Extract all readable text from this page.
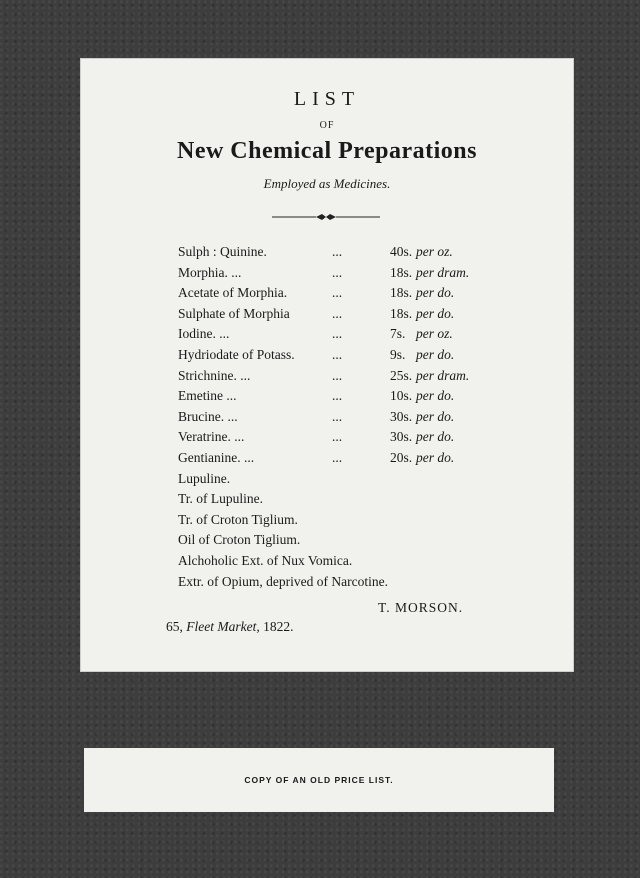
LIST
OF
New Chemical Preparations
Employed as Medicines.
Sulph : Quinine.	...	40s. per oz.
Morphia. ...	...	18s. per dram.
Acetate of Morphia.	...	18s. per do.
Sulphate of Morphia	...	18s. per do.
Iodine. ...	...	7s. per oz.
Hydriodate of Potass.	...	9s. per do.
Strichnine. ...	...	25s. per dram.
Emetine ...	...	10s. per do.
Brucine. ...	...	30s. per do.
Veratrine. ...	...	30s. per do.
Gentianine. ...	...	20s. per do.
Lupuline.
Tr. of Lupuline.
Tr. of Croton Tiglium.
Oil of Croton Tiglium.
Alchoholic Ext. of Nux Vomica.
Extr. of Opium, deprived of Narcotine.
T. MORSON.
65, Fleet Market, 1822.
COPY OF AN OLD PRICE LIST.
